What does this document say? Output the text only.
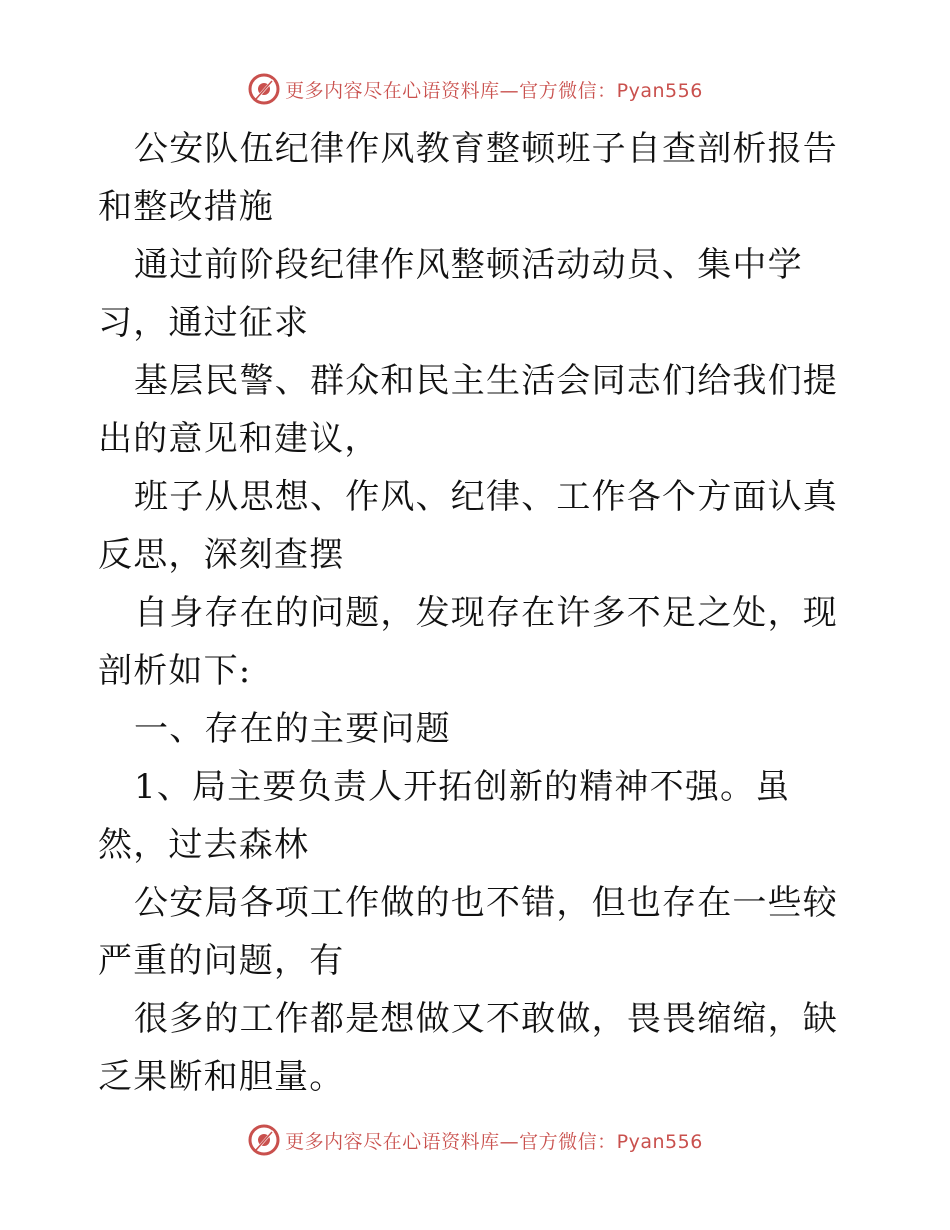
更多内容尽在心语资料库—官方微信：Pyan556

公安队伍纪律作风教育整顿班子自查剖析报告和整改措施

通过前阶段纪律作风整顿活动动员、集中学习，通过征求

基层民警、群众和民主生活会同志们给我们提出的意见和建议，

班子从思想、作风、纪律、工作各个方面认真反思，深刻查摆

自身存在的问题，发现存在许多不足之处，现剖析如下:

一、存在的主要问题

1、局主要负责人开拓创新的精神不强。虽然，过去森林

公安局各项工作做的也不错，但也存在一些较严重的问题，有

很多的工作都是想做又不敢做，畏畏缩缩，缺乏果断和胆量。

更多内容尽在心语资料库—官方微信：Pyan556
